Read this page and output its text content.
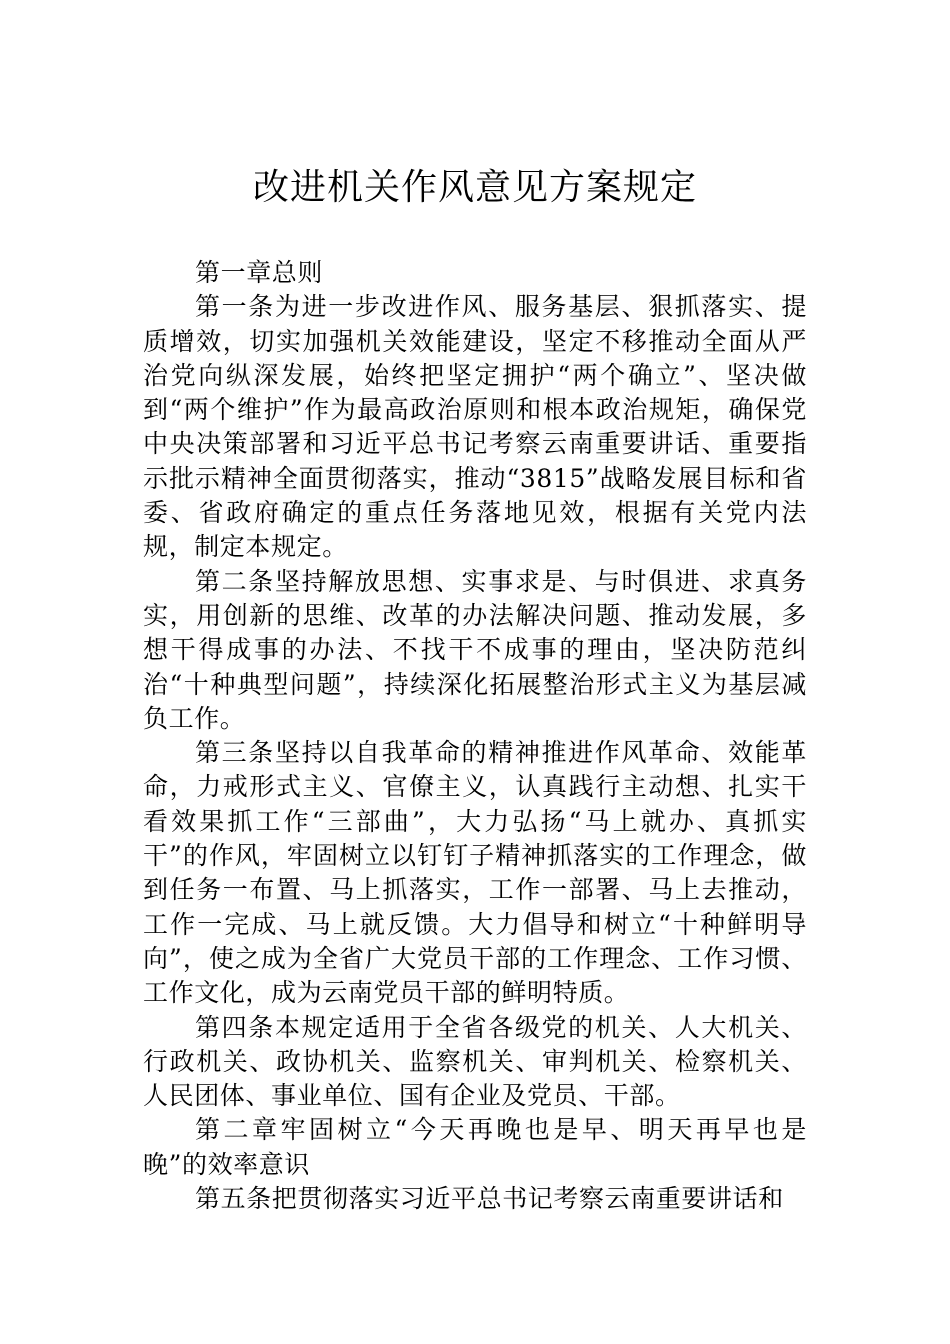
改进机关作风意见方案规定

第一章总则

第一条为进一步改进作风、服务基层、狠抓落实、提质增效，切实加强机关效能建设，坚定不移推动全面从严治党向纵深发展，始终把坚定拥护“两个确立”、坚决做到“两个维护”作为最高政治原则和根本政治规矩，确保党中央决策部署和习近平总书记考察云南重要讲话、重要指示批示精神全面贯彻落实，推动“3815”战略发展目标和省委、省政府确定的重点任务落地见效，根据有关党内法规，制定本规定。

第二条坚持解放思想、实事求是、与时俱进、求真务实，用创新的思维、改革的办法解决问题、推动发展，多想干得成事的办法、不找干不成事的理由，坚决防范纠治“十种典型问题”，持续深化拓展整治形式主义为基层减负工作。

第三条坚持以自我革命的精神推进作风革命、效能革命，力戒形式主义、官僚主义，认真践行主动想、扎实干看效果抓工作“三部曲”，大力弘扬“马上就办、真抓实干”的作风，牢固树立以钉钉子精神抓落实的工作理念，做到任务一布置、马上抓落实，工作一部署、马上去推动，工作一完成、马上就反馈。大力倡导和树立“十种鲜明导向”，使之成为全省广大党员干部的工作理念、工作习惯、工作文化，成为云南党员干部的鲜明特质。

第四条本规定适用于全省各级党的机关、人大机关、行政机关、政协机关、监察机关、审判机关、检察机关、人民团体、事业单位、国有企业及党员、干部。

第二章牢固树立“今天再晚也是早、明天再早也是晚”的效率意识

第五条把贯彻落实习近平总书记考察云南重要讲话和
